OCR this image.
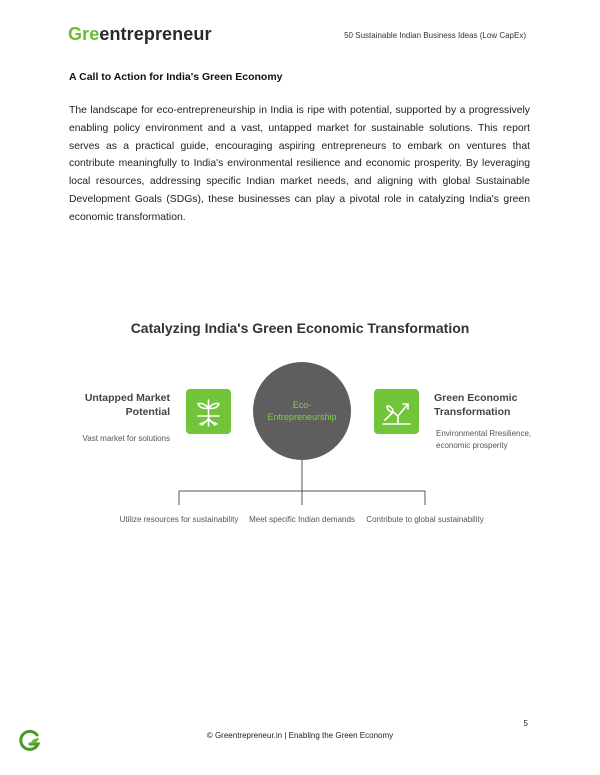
Greentrepreneur	50 Sustainable Indian Business Ideas (Low CapEx)
A Call to Action for India's Green Economy

The landscape for eco-entrepreneurship in India is ripe with potential, supported by a progressively enabling policy environment and a vast, untapped market for sustainable solutions. This report serves as a practical guide, encouraging aspiring entrepreneurs to embark on ventures that contribute meaningfully to India's environmental resilience and economic prosperity. By leveraging local resources, addressing specific Indian market needs, and aligning with global Sustainable Development Goals (SDGs), these businesses can play a pivotal role in catalyzing India's green economic transformation.

Catalyzing India's Green Economic Transformation
Eco-
Entrepreneurship
Untapped Market Potential
Vast market for solutions
Green Economic Transformation
Environmental Rresilience, economic prosperity
Utilize resources for sustainability	Meet specific Indian demands	Contribute to global sustainability
5
© Greentrepreneur.in | Enabling the Green Economy
